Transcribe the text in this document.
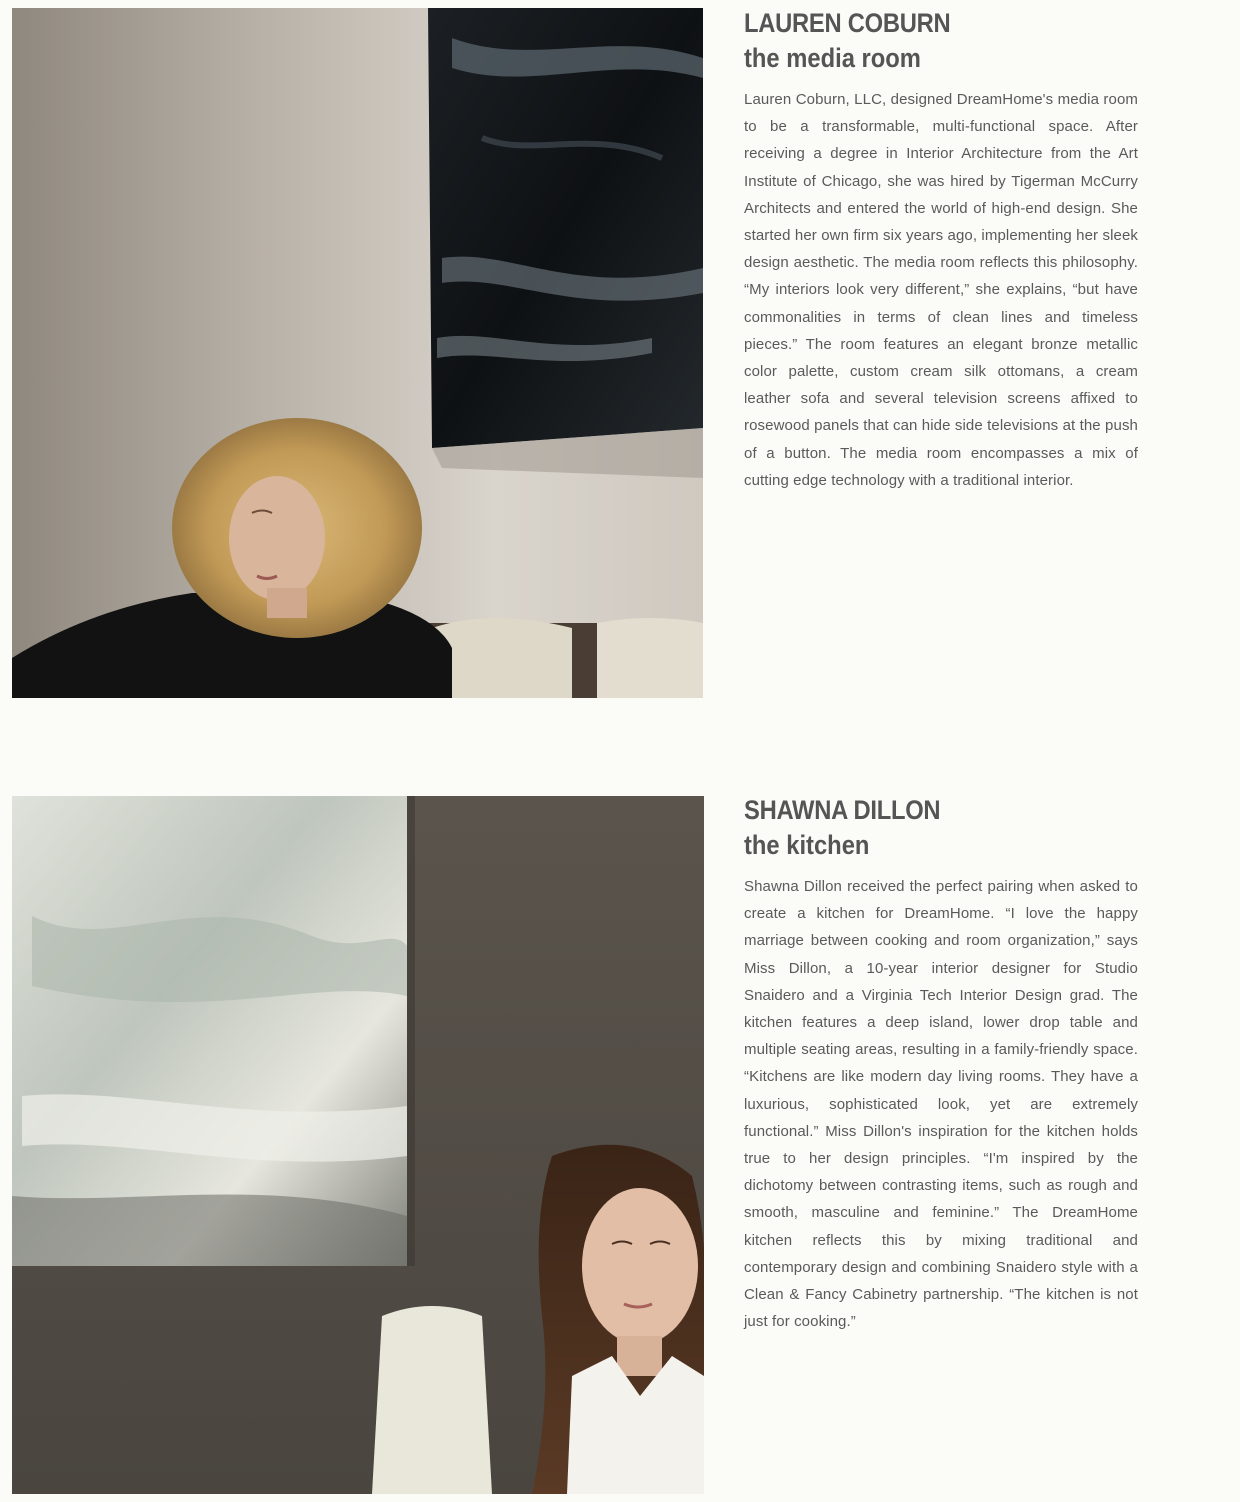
LAUREN COBURN
the media room

Lauren Coburn, LLC, designed DreamHome's media room to be a transformable, multi-functional space. After receiving a degree in Interior Architecture from the Art Institute of Chicago, she was hired by Tigerman McCurry Architects and entered the world of high-end design. She started her own firm six years ago, implementing her sleek design aesthetic. The media room reflects this philosophy. “My interiors look very different,” she explains, “but have commonalities in terms of clean lines and timeless pieces.” The room features an elegant bronze metallic color palette, custom cream silk ottomans, a cream leather sofa and several television screens affixed to rosewood panels that can hide side televisions at the push of a button. The media room encompasses a mix of cutting edge technology with a traditional interior.

SHAWNA DILLON
the kitchen

Shawna Dillon received the perfect pairing when asked to create a kitchen for DreamHome. “I love the happy marriage between cooking and room organization,” says Miss Dillon, a 10-year interior designer for Studio Snaidero and a Virginia Tech Interior Design grad. The kitchen features a deep island, lower drop table and multiple seating areas, resulting in a family-friendly space. “Kitchens are like modern day living rooms. They have a luxurious, sophisticated look, yet are extremely functional.” Miss Dillon's inspiration for the kitchen holds true to her design principles. “I'm inspired by the dichotomy between contrasting items, such as rough and smooth, masculine and feminine.” The DreamHome kitchen reflects this by mixing traditional and contemporary design and combining Snaidero style with a Clean & Fancy Cabinetry partnership. “The kitchen is not just for cooking.”
